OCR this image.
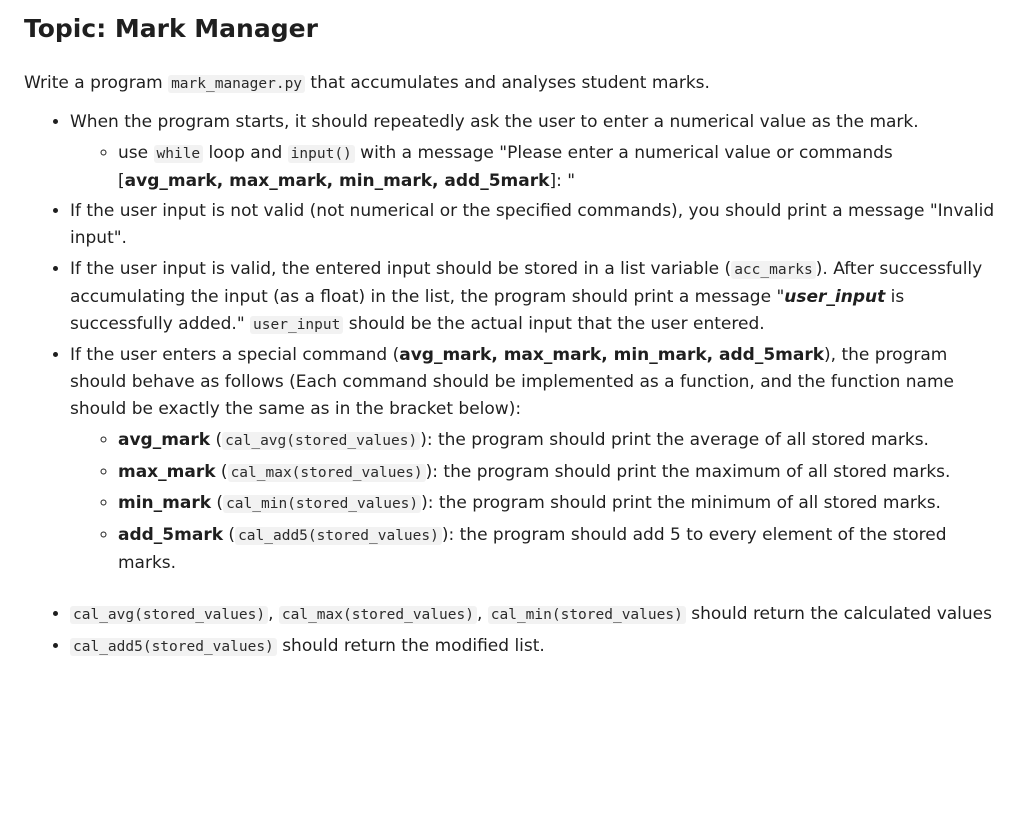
Topic: Mark Manager

Write a program mark_manager.py that accumulates and analyses student marks.

• When the program starts, it should repeatedly ask the user to enter a numerical value as the mark.
◦ use while loop and input() with a message "Please enter a numerical value or commands [avg_mark, max_mark, min_mark, add_5mark]: "
• If the user input is not valid (not numerical or the specified commands), you should print a message "Invalid input".
• If the user input is valid, the entered input should be stored in a list variable ( acc_marks ). After successfully accumulating the input (as a float) in the list, the program should print a message "user_input is successfully added." user_input should be the actual input that the user entered.
• If the user enters a special command (avg_mark, max_mark, min_mark, add_5mark), the program should behave as follows (Each command should be implemented as a function, and the function name should be exactly the same as in the bracket below):
◦ avg_mark ( cal_avg(stored_values) ): the program should print the average of all stored marks.
◦ max_mark ( cal_max(stored_values) ): the program should print the maximum of all stored marks.
◦ min_mark ( cal_min(stored_values) ): the program should print the minimum of all stored marks.
◦ add_5mark ( cal_add5(stored_values) ): the program should add 5 to every element of the stored marks.
• cal_avg(stored_values) , cal_max(stored_values) , cal_min(stored_values) should return the calculated values
• cal_add5(stored_values) should return the modified list.
